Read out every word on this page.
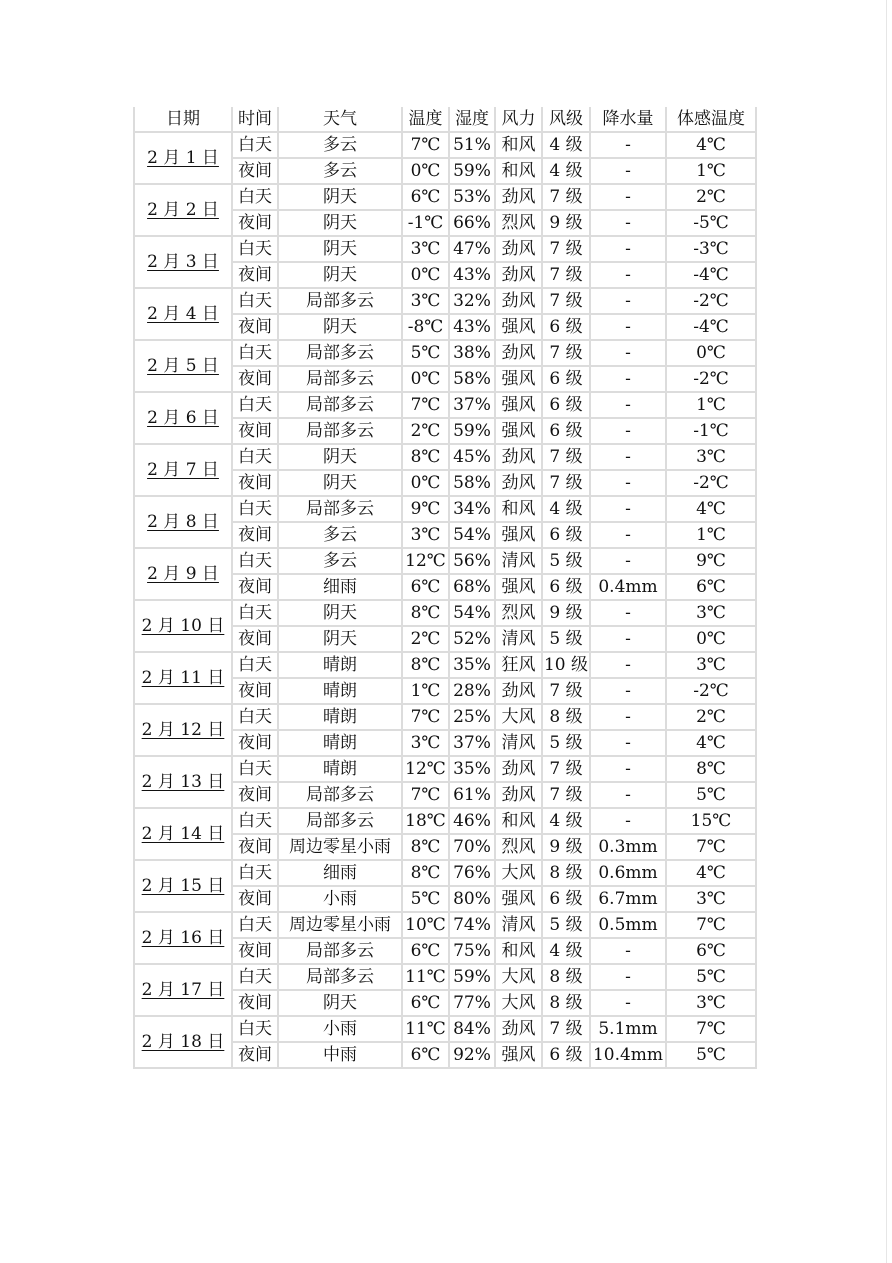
日期	时间	天气	温度	湿度	风力	风级	降水量	体感温度
2 月 1 日	白天	多云	7℃	51%	和风	4 级	-	4℃
	夜间	多云	0℃	59%	和风	4 级	-	1℃
2 月 2 日	白天	阴天	6℃	53%	劲风	7 级	-	2℃
	夜间	阴天	-1℃	66%	烈风	9 级	-	-5℃
2 月 3 日	白天	阴天	3℃	47%	劲风	7 级	-	-3℃
	夜间	阴天	0℃	43%	劲风	7 级	-	-4℃
2 月 4 日	白天	局部多云	3℃	32%	劲风	7 级	-	-2℃
	夜间	阴天	-8℃	43%	强风	6 级	-	-4℃
2 月 5 日	白天	局部多云	5℃	38%	劲风	7 级	-	0℃
	夜间	局部多云	0℃	58%	强风	6 级	-	-2℃
2 月 6 日	白天	局部多云	7℃	37%	强风	6 级	-	1℃
	夜间	局部多云	2℃	59%	强风	6 级	-	-1℃
2 月 7 日	白天	阴天	8℃	45%	劲风	7 级	-	3℃
	夜间	阴天	0℃	58%	劲风	7 级	-	-2℃
2 月 8 日	白天	局部多云	9℃	34%	和风	4 级	-	4℃
	夜间	多云	3℃	54%	强风	6 级	-	1℃
2 月 9 日	白天	多云	12℃	56%	清风	5 级	-	9℃
	夜间	细雨	6℃	68%	强风	6 级	0.4mm	6℃
2 月 10 日	白天	阴天	8℃	54%	烈风	9 级	-	3℃
	夜间	阴天	2℃	52%	清风	5 级	-	0℃
2 月 11 日	白天	晴朗	8℃	35%	狂风	10 级	-	3℃
	夜间	晴朗	1℃	28%	劲风	7 级	-	-2℃
2 月 12 日	白天	晴朗	7℃	25%	大风	8 级	-	2℃
	夜间	晴朗	3℃	37%	清风	5 级	-	4℃
2 月 13 日	白天	晴朗	12℃	35%	劲风	7 级	-	8℃
	夜间	局部多云	7℃	61%	劲风	7 级	-	5℃
2 月 14 日	白天	局部多云	18℃	46%	和风	4 级	-	15℃
	夜间	周边零星小雨	8℃	70%	烈风	9 级	0.3mm	7℃
2 月 15 日	白天	细雨	8℃	76%	大风	8 级	0.6mm	4℃
	夜间	小雨	5℃	80%	强风	6 级	6.7mm	3℃
2 月 16 日	白天	周边零星小雨	10℃	74%	清风	5 级	0.5mm	7℃
	夜间	局部多云	6℃	75%	和风	4 级	-	6℃
2 月 17 日	白天	局部多云	11℃	59%	大风	8 级	-	5℃
	夜间	阴天	6℃	77%	大风	8 级	-	3℃
2 月 18 日	白天	小雨	11℃	84%	劲风	7 级	5.1mm	7℃
	夜间	中雨	6℃	92%	强风	6 级	10.4mm	5℃
